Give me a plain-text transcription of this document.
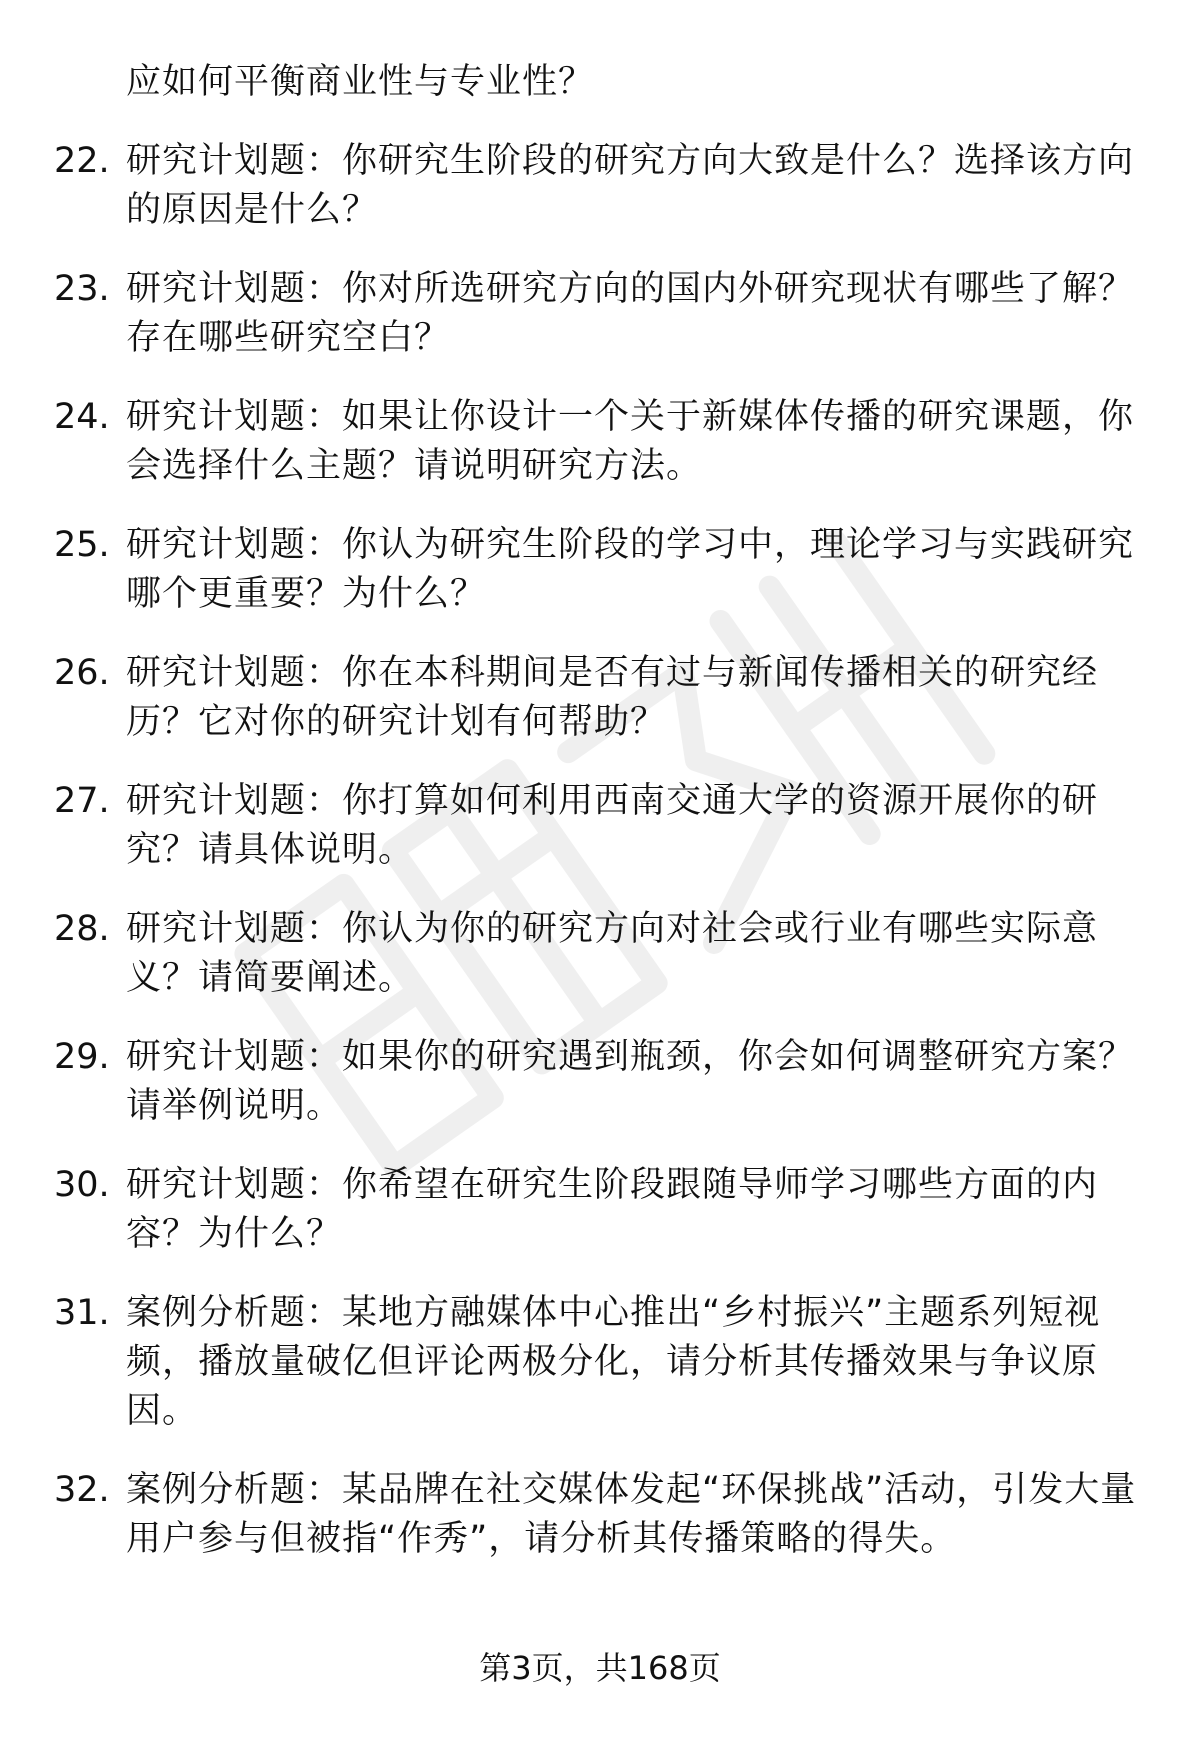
应如何平衡商业性与专业性？
22. 研究计划题：你研究生阶段的研究方向大致是什么？选择该方向的原因是什么？
23. 研究计划题：你对所选研究方向的国内外研究现状有哪些了解？存在哪些研究空白？
24. 研究计划题：如果让你设计一个关于新媒体传播的研究课题，你会选择什么主题？请说明研究方法。
25. 研究计划题：你认为研究生阶段的学习中，理论学习与实践研究哪个更重要？为什么？
26. 研究计划题：你在本科期间是否有过与新闻传播相关的研究经历？它对你的研究计划有何帮助？
27. 研究计划题：你打算如何利用西南交通大学的资源开展你的研究？请具体说明。
28. 研究计划题：你认为你的研究方向对社会或行业有哪些实际意义？请简要阐述。
29. 研究计划题：如果你的研究遇到瓶颈，你会如何调整研究方案？请举例说明。
30. 研究计划题：你希望在研究生阶段跟随导师学习哪些方面的内容？为什么？
31. 案例分析题：某地方融媒体中心推出“乡村振兴”主题系列短视频，播放量破亿但评论两极分化，请分析其传播效果与争议原因。
32. 案例分析题：某品牌在社交媒体发起“环保挑战”活动，引发大量用户参与但被指“作秀”，请分析其传播策略的得失。
第3页，共168页
